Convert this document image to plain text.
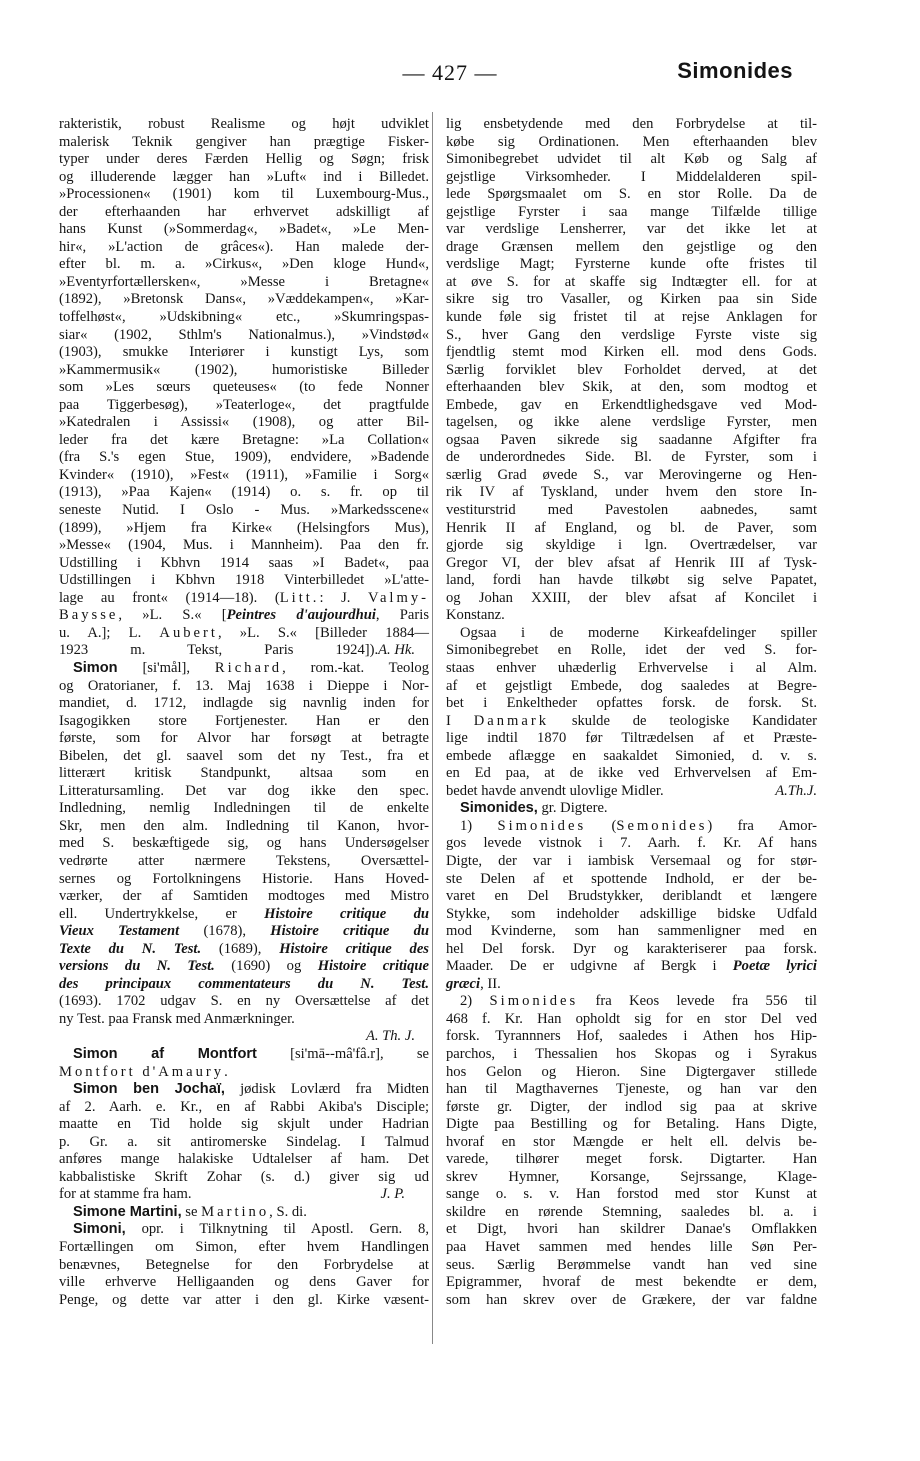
— 427 —	Simonides
rakteristik, robust Realisme og højt udviklet
malerisk Teknik gengiver han prægtige Fisker-
typer under deres Færden Hellig og Søgn; frisk
og illuderende lægger han »Luft« ind i Billedet.
»Processionen« (1901) kom til Luxembourg-Mus.,
der efterhaanden har erhvervet adskilligt af
hans Kunst (»Sommerdag«, »Badet«, »Le Men-
hir«, »L'action de grâces«). Han malede der-
efter bl. m. a. »Cirkus«, »Den kloge Hund«,
»Eventyrfortællersken«, »Messe i Bretagne«
(1892), »Bretonsk Dans«, »Væddekampen«, »Kar-
toffelhøst«, »Udskibning« etc., »Skumringspas-
siar« (1902, Sthlm's Nationalmus.), »Vindstød«
(1903), smukke Interiører i kunstigt Lys, som
»Kammermusik« (1902), humoristiske Billeder
som »Les sœurs queteuses« (to fede Nonner
paa Tiggerbesøg), »Teaterloge«, det pragtfulde
»Katedralen i Assissi« (1908), og atter Bil-
leder fra det kære Bretagne: »La Collation«
(fra S.'s egen Stue, 1909), endvidere, »Badende
Kvinder« (1910), »Fest« (1911), »Familie i Sorg«
(1913), »Paa Kajen« (1914) o. s. fr. op til
seneste Nutid. I Oslo - Mus. »Markedsscene«
(1899), »Hjem fra Kirke« (Helsingfors Mus),
»Messe« (1904, Mus. i Mannheim). Paa den fr.
Udstilling i Kbhvn 1914 saas »I Badet«, paa
Udstillingen i Kbhvn 1918 Vinterbilledet »L'atte-
lage au front« (1914—18). (Litt.: J. Valmy-
Baysse, »L. S.« [Peintres d'aujourdhui, Paris
u. A.]; L. Aubert, »L. S.« [Billeder 1884—
1923 m. Tekst, Paris 1924]). A. Hk.
Simon [si'mål], Richard, rom.-kat. Teolog
og Oratorianer, f. 13. Maj 1638 i Dieppe i Nor-
mandiet, d. 1712, indlagde sig navnlig inden for
Isagogikken store Fortjenester. Han er den
første, som for Alvor har forsøgt at betragte
Bibelen, det gl. saavel som det ny Test., fra et
litterært kritisk Standpunkt, altsaa som en
Litteratursamling. Det var dog ikke den spec.
Indledning, nemlig Indledningen til de enkelte
Skr, men den alm. Indledning til Kanon, hvor-
med S. beskæftigede sig, og hans Undersøgelser
vedrørte atter nærmere Tekstens, Oversættel-
sernes og Fortolkningens Historie. Hans Hoved-
værker, der af Samtiden modtoges med Mistro
ell. Undertrykkelse, er Histoire critique du
Vieux Testament (1678), Histoire critique du
Texte du N. Test. (1689), Histoire critique des
versions du N. Test. (1690) og Histoire critique
des principaux commentateurs du N. Test.
(1693). 1702 udgav S. en ny Oversættelse af det
ny Test. paa Fransk med Anmærkninger.
A. Th. J.
Simon af Montfort [si'mā--mâ'fâ.r], se
Montfort d'Amaury.
Simon ben Jochaï, jødisk Lovlærd fra Midten
af 2. Aarh. e. Kr., en af Rabbi Akiba's Disciple;
maatte en Tid holde sig skjult under Hadrian
p. Gr. a. sit antiromerske Sindelag. I Talmud
anføres mange halakiske Udtalelser af ham. Det
kabbalistiske Skrift Zohar (s. d.) giver sig ud
for at stamme fra ham.	J. P.
Simone Martini, se Martino, S. di.
Simoni, opr. i Tilknytning til Apostl. Gern. 8,
Fortællingen om Simon, efter hvem Handlingen
benævnes, Betegnelse for den Forbrydelse at
ville erhverve Helligaanden og dens Gaver for
Penge, og dette var atter i den gl. Kirke væsent-
lig ensbetydende med den Forbrydelse at til-
købe sig Ordinationen. Men efterhaanden blev
Simonibegrebet udvidet til alt Køb og Salg af
gejstlige Virksomheder. I Middelalderen spil-
lede Spørgsmaalet om S. en stor Rolle. Da de
gejstlige Fyrster i saa mange Tilfælde tillige
var verdslige Lensherrer, var det ikke let at
drage Grænsen mellem den gejstlige og den
verdslige Magt; Fyrsterne kunde ofte fristes til
at øve S. for at skaffe sig Indtægter ell. for at
sikre sig tro Vasaller, og Kirken paa sin Side
kunde føle sig fristet til at rejse Anklagen for
S., hver Gang den verdslige Fyrste viste sig
fjendtlig stemt mod Kirken ell. mod dens Gods.
Særlig forviklet blev Forholdet derved, at det
efterhaanden blev Skik, at den, som modtog et
Embede, gav en Erkendtlighedsgave ved Mod-
tagelsen, og ikke alene verdslige Fyrster, men
ogsaa Paven sikrede sig saadanne Afgifter fra
de underordnedes Side. Bl. de Fyrster, som i
særlig Grad øvede S., var Merovingerne og Hen-
rik IV af Tyskland, under hvem den store In-
vestiturstrid med Pavestolen aabnedes, samt
Henrik II af England, og bl. de Paver, som
gjorde sig skyldige i lgn. Overtrædelser, var
Gregor VI, der blev afsat af Henrik III af Tysk-
land, fordi han havde tilkøbt sig selve Papatet,
og Johan XXIII, der blev afsat af Koncilet i
Konstanz.
Ogsaa i de moderne Kirkeafdelinger spiller
Simonibegrebet en Rolle, idet der ved S. for-
staas enhver uhæderlig Erhvervelse i al Alm.
af et gejstligt Embede, dog saaledes at Begre-
bet i Enkeltheder opfattes forsk. de forsk. St.
I Danmark skulde de teologiske Kandidater
lige indtil 1870 før Tiltrædelsen af et Præste-
embede aflægge en saakaldet Simonied, d. v. s.
en Ed paa, at de ikke ved Erhvervelsen af Em-
bedet havde anvendt ulovlige Midler.	A.Th.J.
Simonides, gr. Digtere.
1) Simonides (Semonides) fra Amor-
gos levede vistnok i 7. Aarh. f. Kr. Af hans
Digte, der var i iambisk Versemaal og for stør-
ste Delen af et spottende Indhold, er der be-
varet en Del Brudstykker, deriblandt et længere
Stykke, som indeholder adskillige bidske Udfald
mod Kvinderne, som han sammenligner med en
hel Del forsk. Dyr og karakteriserer paa forsk.
Maader. De er udgivne af Bergk i Poetæ lyrici
græci, II.
2) Simonides fra Keos levede fra 556 til
468 f. Kr. Han opholdt sig for en stor Del ved
forsk. Tyrannners Hof, saaledes i Athen hos Hip-
parchos, i Thessalien hos Skopas og i Syrakus
hos Gelon og Hieron. Sine Digtergaver stillede
han til Magthavernes Tjeneste, og han var den
første gr. Digter, der indlod sig paa at skrive
Digte paa Bestilling og for Betaling. Hans Digte,
hvoraf en stor Mængde er helt ell. delvis be-
varede, tilhører meget forsk. Digtarter. Han
skrev Hymner, Korsange, Sejrssange, Klage-
sange o. s. v. Han forstod med stor Kunst at
skildre en rørende Stemning, saaledes bl. a. i
et Digt, hvori han skildrer Danae's Omflakken
paa Havet sammen med hendes lille Søn Per-
seus. Særlig Berømmelse vandt han ved sine
Epigrammer, hvoraf de mest bekendte er dem,
som han skrev over de Grækere, der var faldne
